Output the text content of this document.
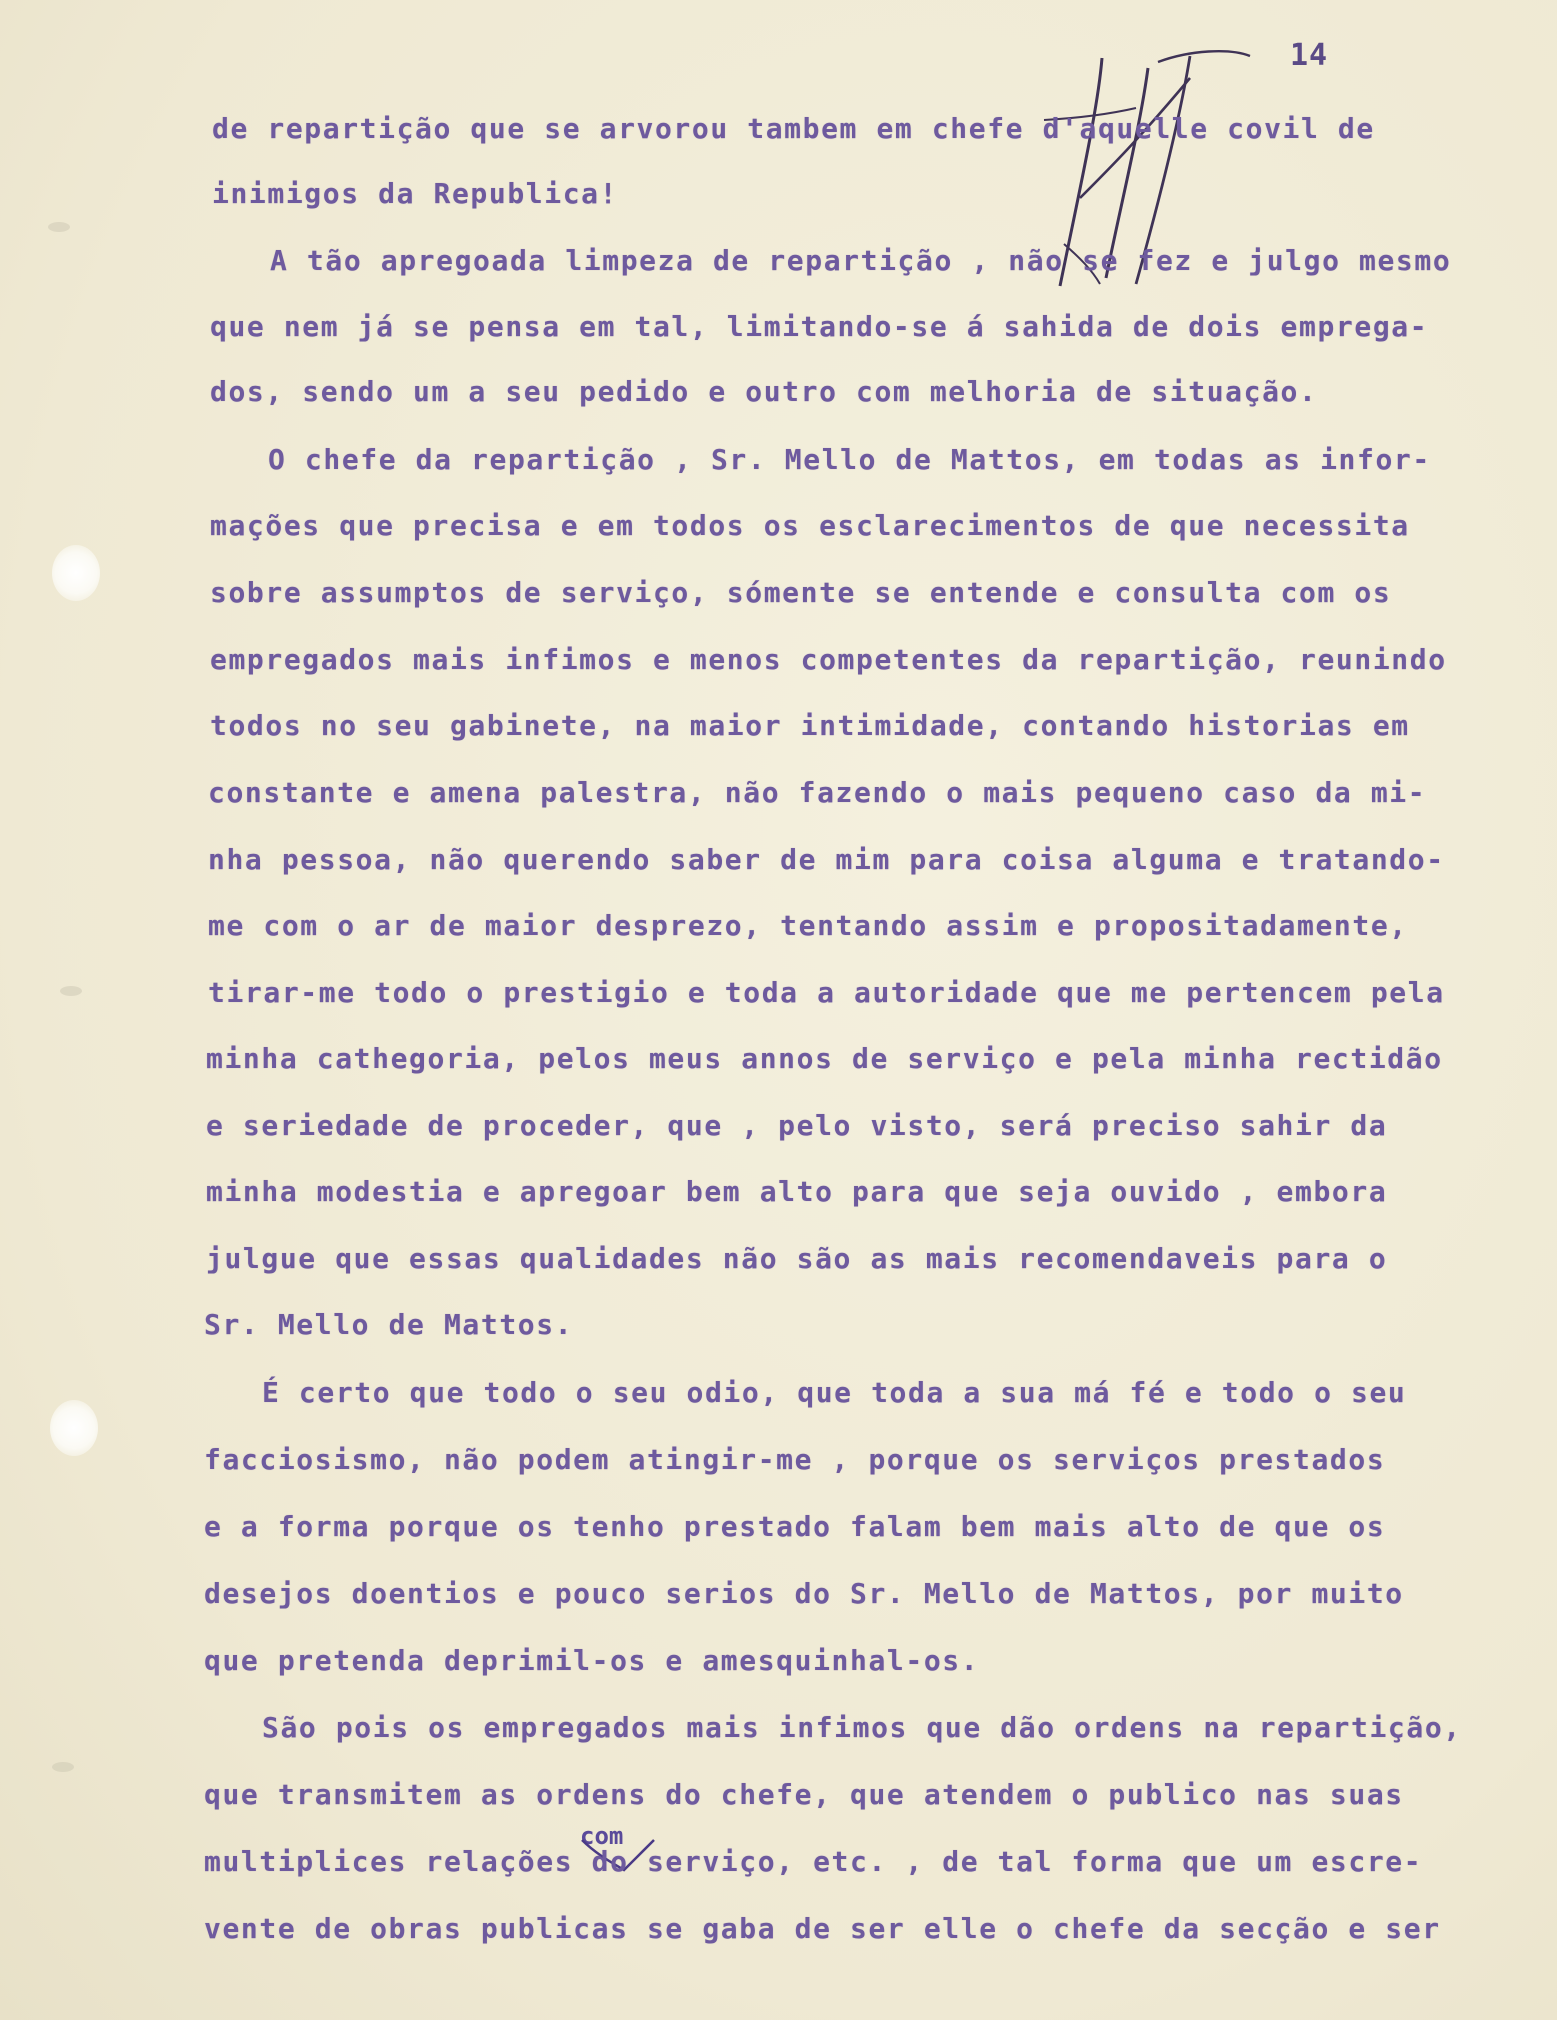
14
com
de repartição que se arvorou tambem em chefe d'aquelle covil de
inimigos da Republica!
A tão apregoada limpeza de repartição , não se fez e julgo mesmo
que nem já se pensa em tal, limitando-se á sahida de dois emprega-
dos, sendo um a seu pedido e outro com melhoria de situação.
O chefe da repartição , Sr. Mello de Mattos, em todas as infor-
mações que precisa e em todos os esclarecimentos de que necessita
sobre assumptos de serviço, sómente se entende e consulta com os
empregados mais infimos e menos competentes da repartição, reunindo
todos no seu gabinete, na maior intimidade, contando historias em
constante e amena palestra, não fazendo o mais pequeno caso da mi-
nha pessoa, não querendo saber de mim para coisa alguma e tratando-
me com o ar de maior desprezo, tentando assim e propositadamente,
tirar-me todo o prestigio e toda a autoridade que me pertencem pela
minha cathegoria, pelos meus annos de serviço e pela minha rectidão
e seriedade de proceder, que , pelo visto, será preciso sahir da
minha modestia e apregoar bem alto para que seja ouvido , embora
julgue que essas qualidades não são as mais recomendaveis para o
Sr. Mello de Mattos.
É certo que todo o seu odio, que toda a sua má fé e todo o seu
facciosismo, não podem atingir-me , porque os serviços prestados
e a forma porque os tenho prestado falam bem mais alto de que os
desejos doentios e pouco serios do Sr. Mello de Mattos, por muito
que pretenda deprimil-os e amesquinhal-os.
São pois os empregados mais infimos que dão ordens na repartição,
que transmitem as ordens do chefe, que atendem o publico nas suas
multiplices relações do serviço, etc. , de tal forma que um escre-
vente de obras publicas se gaba de ser elle o chefe da secção e ser
